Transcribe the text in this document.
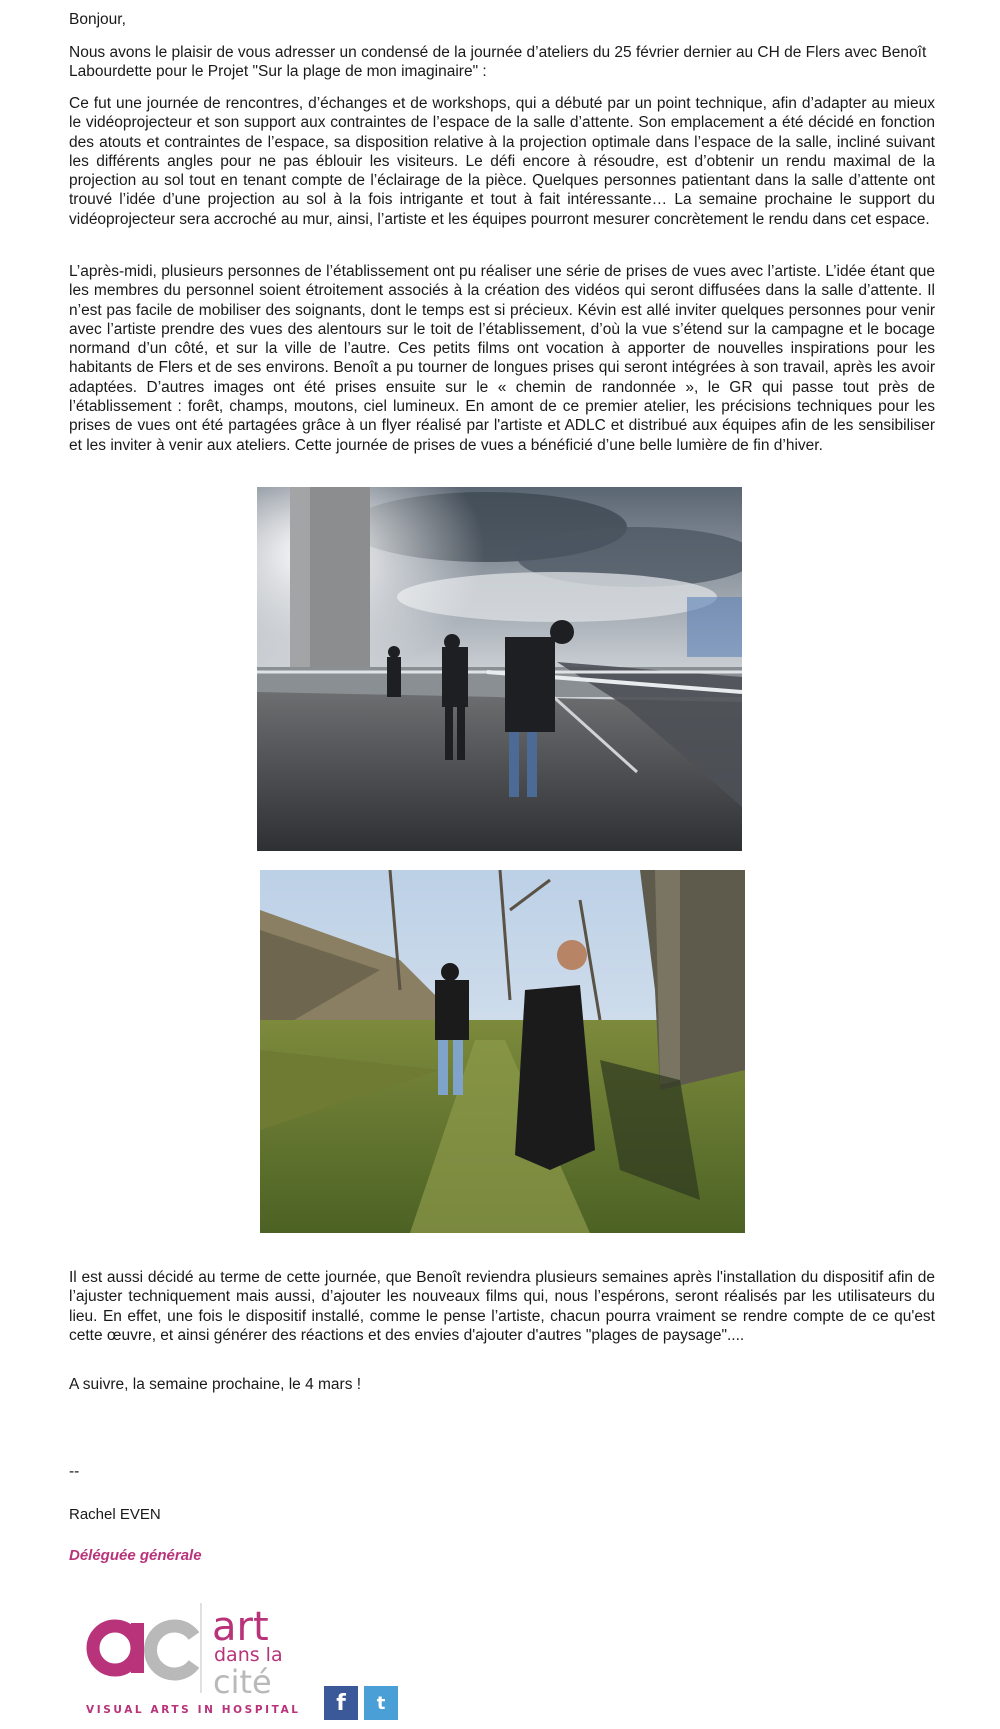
Bonjour,

Nous avons le plaisir de vous adresser un condensé de la journée d’ateliers du 25 février dernier au CH de Flers avec Benoît Labourdette pour le Projet "Sur la plage de mon imaginaire" :

Ce fut une journée de rencontres, d’échanges et de workshops, qui a débuté par un point technique, afin d’adapter au mieux le vidéoprojecteur et son support aux contraintes de l’espace de la salle d’attente. Son emplacement a été décidé en fonction des atouts et contraintes de l’espace, sa disposition relative à la projection optimale dans l’espace de la salle, incliné suivant les différents angles pour ne pas éblouir les visiteurs. Le défi encore à résoudre, est d’obtenir un rendu maximal de la projection au sol tout en tenant compte de l’éclairage de la pièce. Quelques personnes patientant dans la salle d’attente ont trouvé l’idée d’une projection au sol à la fois intrigante et tout à fait intéressante… La semaine prochaine le support du vidéoprojecteur sera accroché au mur, ainsi, l’artiste et les équipes pourront mesurer concrètement le rendu dans cet espace.

L’après-midi, plusieurs personnes de l’établissement ont pu réaliser une série de prises de vues avec l’artiste. L’idée étant que les membres du personnel soient étroitement associés à la création des vidéos qui seront diffusées dans la salle d’attente. Il n’est pas facile de mobiliser des soignants, dont le temps est si précieux. Kévin est allé inviter quelques personnes pour venir avec l’artiste prendre des vues des alentours sur le toit de l’établissement, d’où la vue s’étend sur la campagne et le bocage normand d’un côté, et sur la ville de l’autre. Ces petits films ont vocation à apporter de nouvelles inspirations pour les habitants de Flers et de ses environs. Benoît a pu tourner de longues prises qui seront intégrées à son travail, après les avoir adaptées. D’autres images ont été prises ensuite sur le « chemin de randonnée », le GR qui passe tout près de l’établissement : forêt, champs, moutons, ciel lumineux. En amont de ce premier atelier, les précisions techniques pour les prises de vues ont été partagées grâce à un flyer réalisé par l'artiste et ADLC et distribué aux équipes afin de les sensibiliser et les inviter à venir aux ateliers. Cette journée de prises de vues a bénéficié d’une belle lumière de fin d’hiver.

Il est aussi décidé au terme de cette journée, que Benoît reviendra plusieurs semaines après l'installation du dispositif afin de l’ajuster techniquement mais aussi, d’ajouter les nouveaux films qui, nous l’espérons, seront réalisés par les utilisateurs du lieu. En effet, une fois le dispositif installé, comme le pense l’artiste, chacun pourra vraiment se rendre compte de ce qu'est cette œuvre, et ainsi générer des réactions et des envies d'ajouter d'autres "plages de paysage"....

A suivre, la semaine prochaine, le 4 mars !

--

Rachel EVEN

Déléguée générale

art
dans la
cité
VISUAL ARTS IN HOSPITAL	f	t
